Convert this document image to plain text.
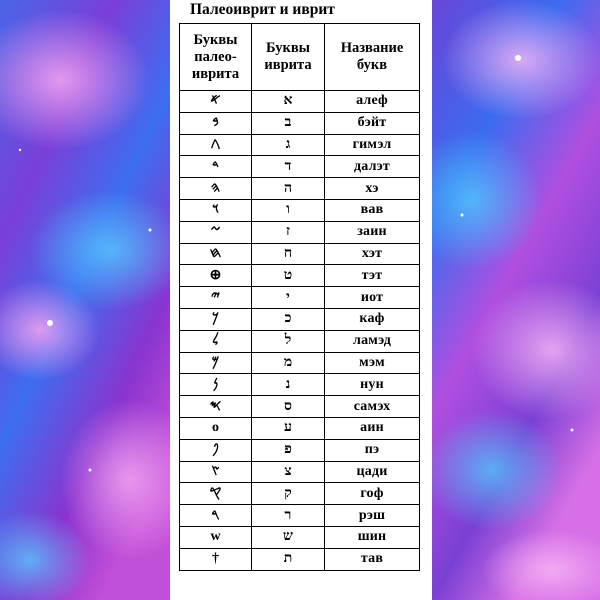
Палеоиврит и иврит
Буквы палео-иврита	Буквы иврита	Название букв
𐤀	א	алеф
𐤁	ב	бэйт
𐤂	ג	гимэл
𐤃	ד	далэт
𐤄	ה	хэ
𐤅	ו	вав
𐤆	ז	заин
𐤇	ח	хэт
⊕	ט	тэт
𐤉	י	иот
𐤊	כ	каф
𐤋	ל	ламэд
𐤌	מ	мэм
𐤍	נ	нун
𐤎	ס	самэх
o	ע	аин
𐤐	פ	пэ
𐤑	צ	цади
𐤒	ק	гоф
𐤓	ר	рэш
w	ש	шин
†	ת	тав
